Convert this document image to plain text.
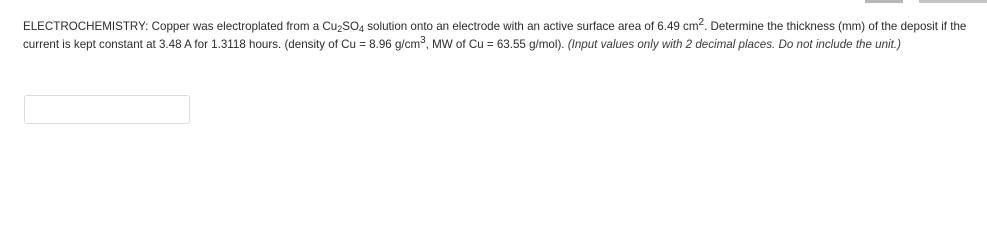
ELECTROCHEMISTRY: Copper was electroplated from a $Cu_2SO_4$ solution onto an electrode with an active surface area of 6.49 $cm^2$. Determine the thickness (mm) of the deposit if the current is kept constant at 3.48 A for 1.3118 hours. (density of Cu = 8.96 $g/cm^3$, MW of Cu = 63.55 g/mol). (Input values only with 2 decimal places. Do not include the unit.)
